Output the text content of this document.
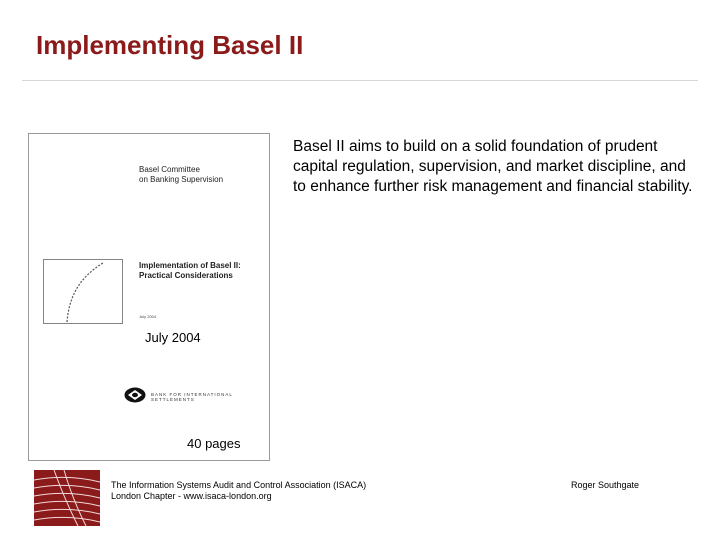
Implementing Basel II
Basel Committee
on Banking Supervision
Implementation of Basel II:
Practical Considerations
July 2004
July 2004
BANK FOR INTERNATIONAL SETTLEMENTS
40 pages
Basel II aims to build on a solid foundation of prudent capital regulation, supervision, and market discipline, and to enhance further risk management and financial stability.
The Information Systems Audit and Control Association (ISACA)
London Chapter - www.isaca-london.org
Roger Southgate
